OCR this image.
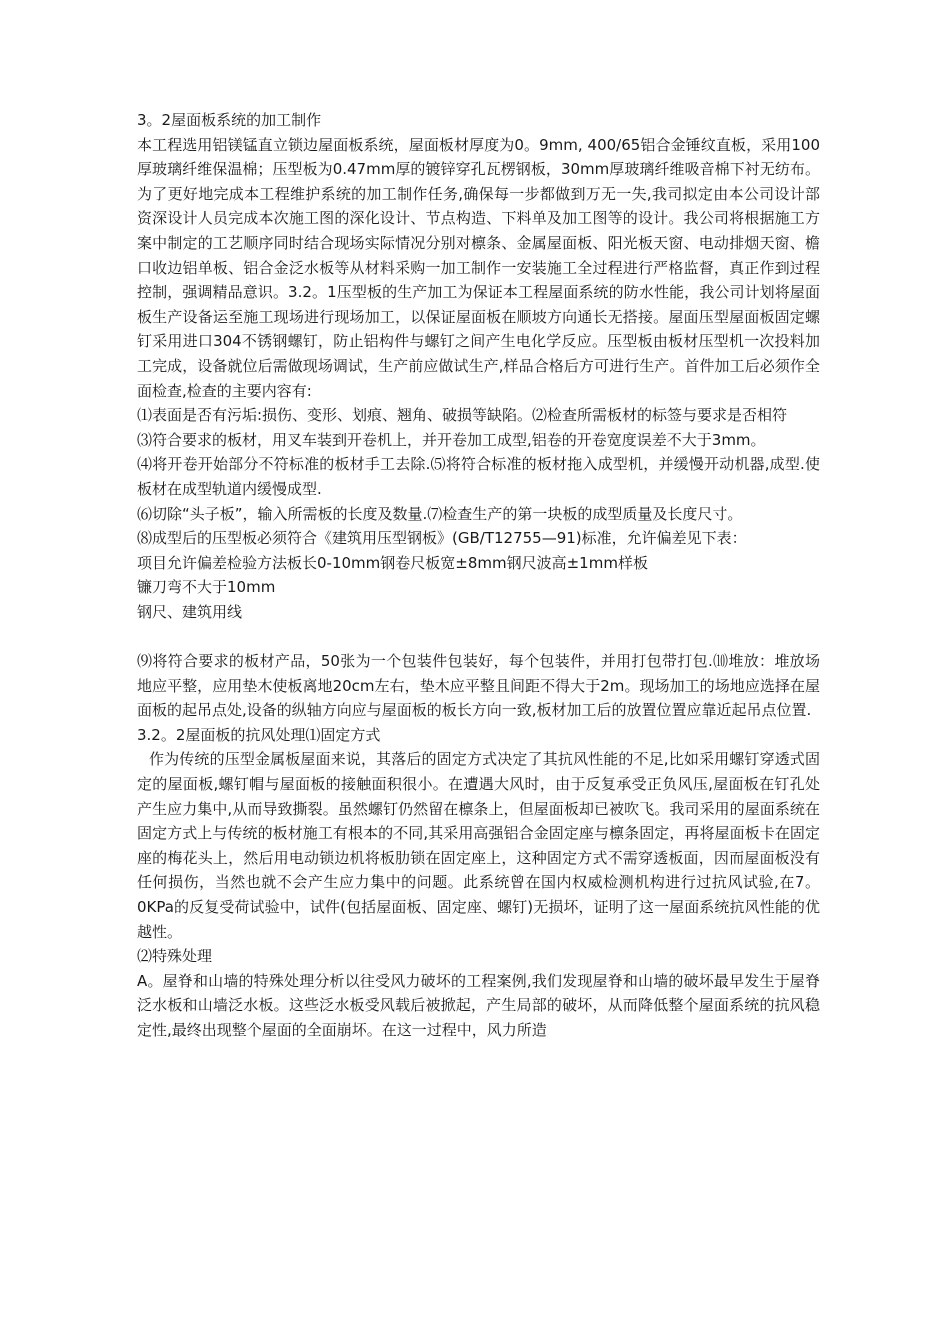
3。2屋面板系统的加工制作

本工程选用铝镁锰直立锁边屋面板系统，屋面板材厚度为0。9mm, 400/65铝合金锤纹直板，采用100厚玻璃纤维保温棉；压型板为0.47mm厚的镀锌穿孔瓦楞钢板，30mm厚玻璃纤维吸音棉下衬无纺布。为了更好地完成本工程维护系统的加工制作任务,确保每一步都做到万无一失,我司拟定由本公司设计部资深设计人员完成本次施工图的深化设计、节点构造、下料单及加工图等的设计。我公司将根据施工方案中制定的工艺顺序同时结合现场实际情况分别对檩条、金属屋面板、阳光板天窗、电动排烟天窗、檐口收边铝单板、铝合金泛水板等从材料采购一加工制作一安装施工全过程进行严格监督，真正作到过程控制，强调精品意识。3.2。1压型板的生产加工为保证本工程屋面系统的防水性能，我公司计划将屋面板生产设备运至施工现场进行现场加工，以保证屋面板在顺坡方向通长无搭接。屋面压型屋面板固定螺钉采用进口304不锈钢螺钉，防止铝构件与螺钉之间产生电化学反应。压型板由板材压型机一次投料加工完成，设备就位后需做现场调试，生产前应做试生产,样品合格后方可进行生产。首件加工后必须作全面检查,检查的主要内容有:

⑴表面是否有污垢:损伤、变形、划痕、翘角、破损等缺陷。⑵检查所需板材的标签与要求是否相符

⑶符合要求的板材，用叉车装到开卷机上，并开卷加工成型,铝卷的开卷宽度误差不大于3mm。

⑷将开卷开始部分不符标准的板材手工去除.⑸将符合标准的板材拖入成型机，并缓慢开动机器,成型.使板材在成型轨道内缓慢成型.

⑹切除“头子板”，输入所需板的长度及数量.⑺检查生产的第一块板的成型质量及长度尺寸。

⑻成型后的压型板必须符合《建筑用压型钢板》(GB/T12755—91)标准，允许偏差见下表：

项目允许偏差检验方法板长0-10mm钢卷尺板宽±8mm钢尺波高±1mm样板

镰刀弯不大于10mm

钢尺、建筑用线

⑼将符合要求的板材产品，50张为一个包装件包装好，每个包装件，并用打包带打包.⑽堆放：堆放场地应平整，应用垫木使板离地20cm左右，垫木应平整且间距不得大于2m。现场加工的场地应选择在屋面板的起吊点处,设备的纵轴方向应与屋面板的板长方向一致,板材加工后的放置位置应靠近起吊点位置.

3.2。2屋面板的抗风处理⑴固定方式

作为传统的压型金属板屋面来说，其落后的固定方式决定了其抗风性能的不足,比如采用螺钉穿透式固定的屋面板,螺钉帽与屋面板的接触面积很小。在遭遇大风时，由于反复承受正负风压,屋面板在钉孔处产生应力集中,从而导致撕裂。虽然螺钉仍然留在檩条上，但屋面板却已被吹飞。我司采用的屋面系统在固定方式上与传统的板材施工有根本的不同,其采用高强铝合金固定座与檩条固定，再将屋面板卡在固定座的梅花头上，然后用电动锁边机将板肋锁在固定座上，这种固定方式不需穿透板面，因而屋面板没有任何损伤，当然也就不会产生应力集中的问题。此系统曾在国内权威检测机构进行过抗风试验,在7。0KPa的反复受荷试验中，试件(包括屋面板、固定座、螺钉)无损坏，证明了这一屋面系统抗风性能的优越性。

⑵特殊处理

A。屋脊和山墙的特殊处理分析以往受风力破坏的工程案例,我们发现屋脊和山墙的破坏最早发生于屋脊泛水板和山墙泛水板。这些泛水板受风载后被掀起，产生局部的破坏，从而降低整个屋面系统的抗风稳定性,最终出现整个屋面的全面崩坏。在这一过程中，风力所造
